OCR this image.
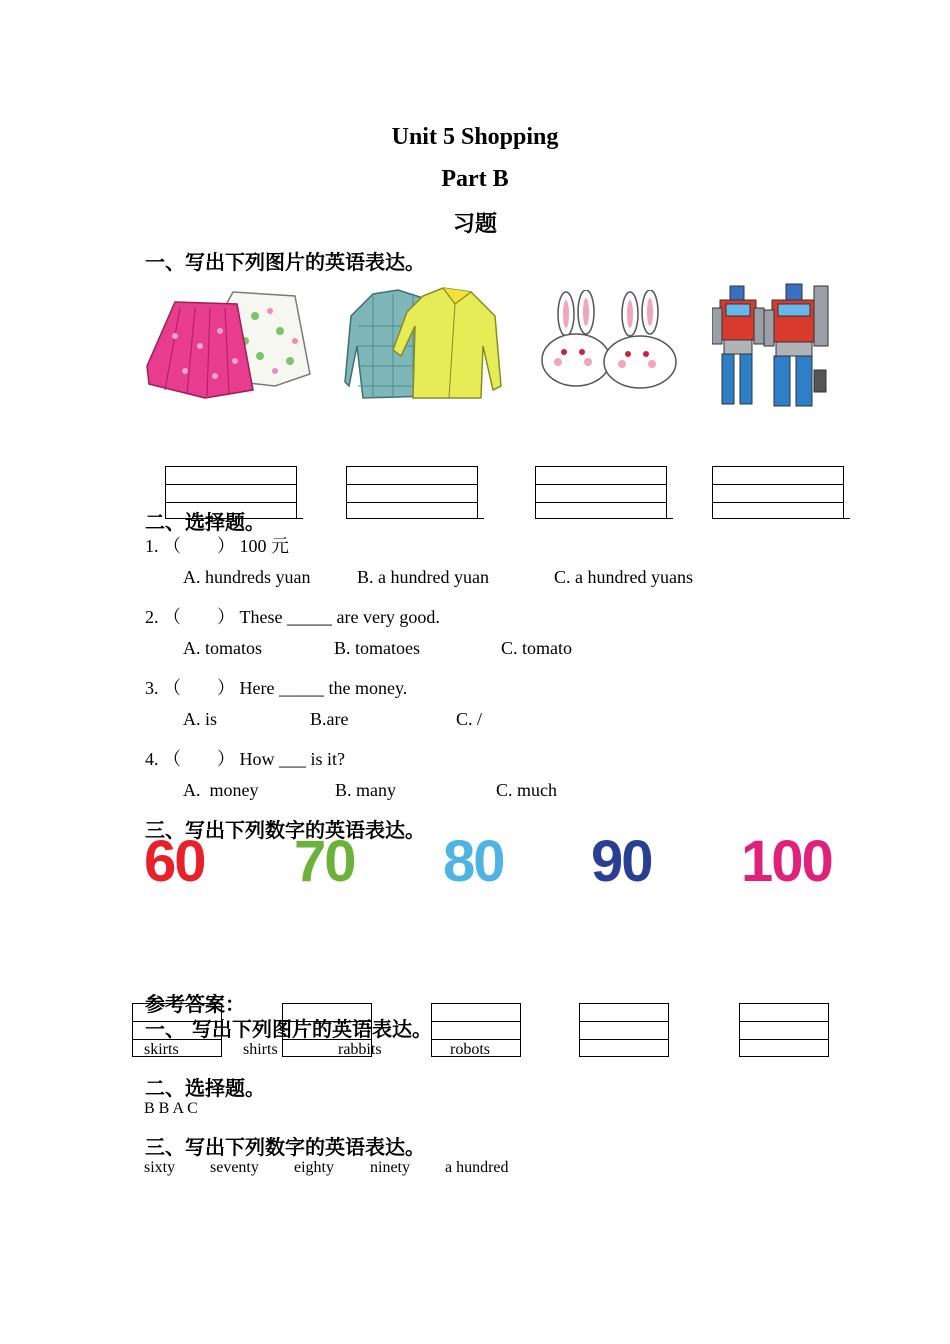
Unit 5 Shopping
Part B
习题
一、写出下列图片的英语表达。
二、选择题。
1. （　　） 100 元
A. hundreds yuan	B. a hundred yuan	C. a hundred yuans
2. （　　） These _____ are very good.
A. tomatos	B. tomatoes	C. tomato
3. （　　） Here _____ the money.
A. is	B.are	C. /
4. （　　） How ___ is it?
A.  money	B. many	C. much
三、写出下列数字的英语表达。
60 70 80 90 100
参考答案：
一、 写出下列图片的英语表达。
skirts	shirts	rabbits	robots
二、选择题。
B B A C
三、写出下列数字的英语表达。
sixty seventy eighty ninety a hundred
